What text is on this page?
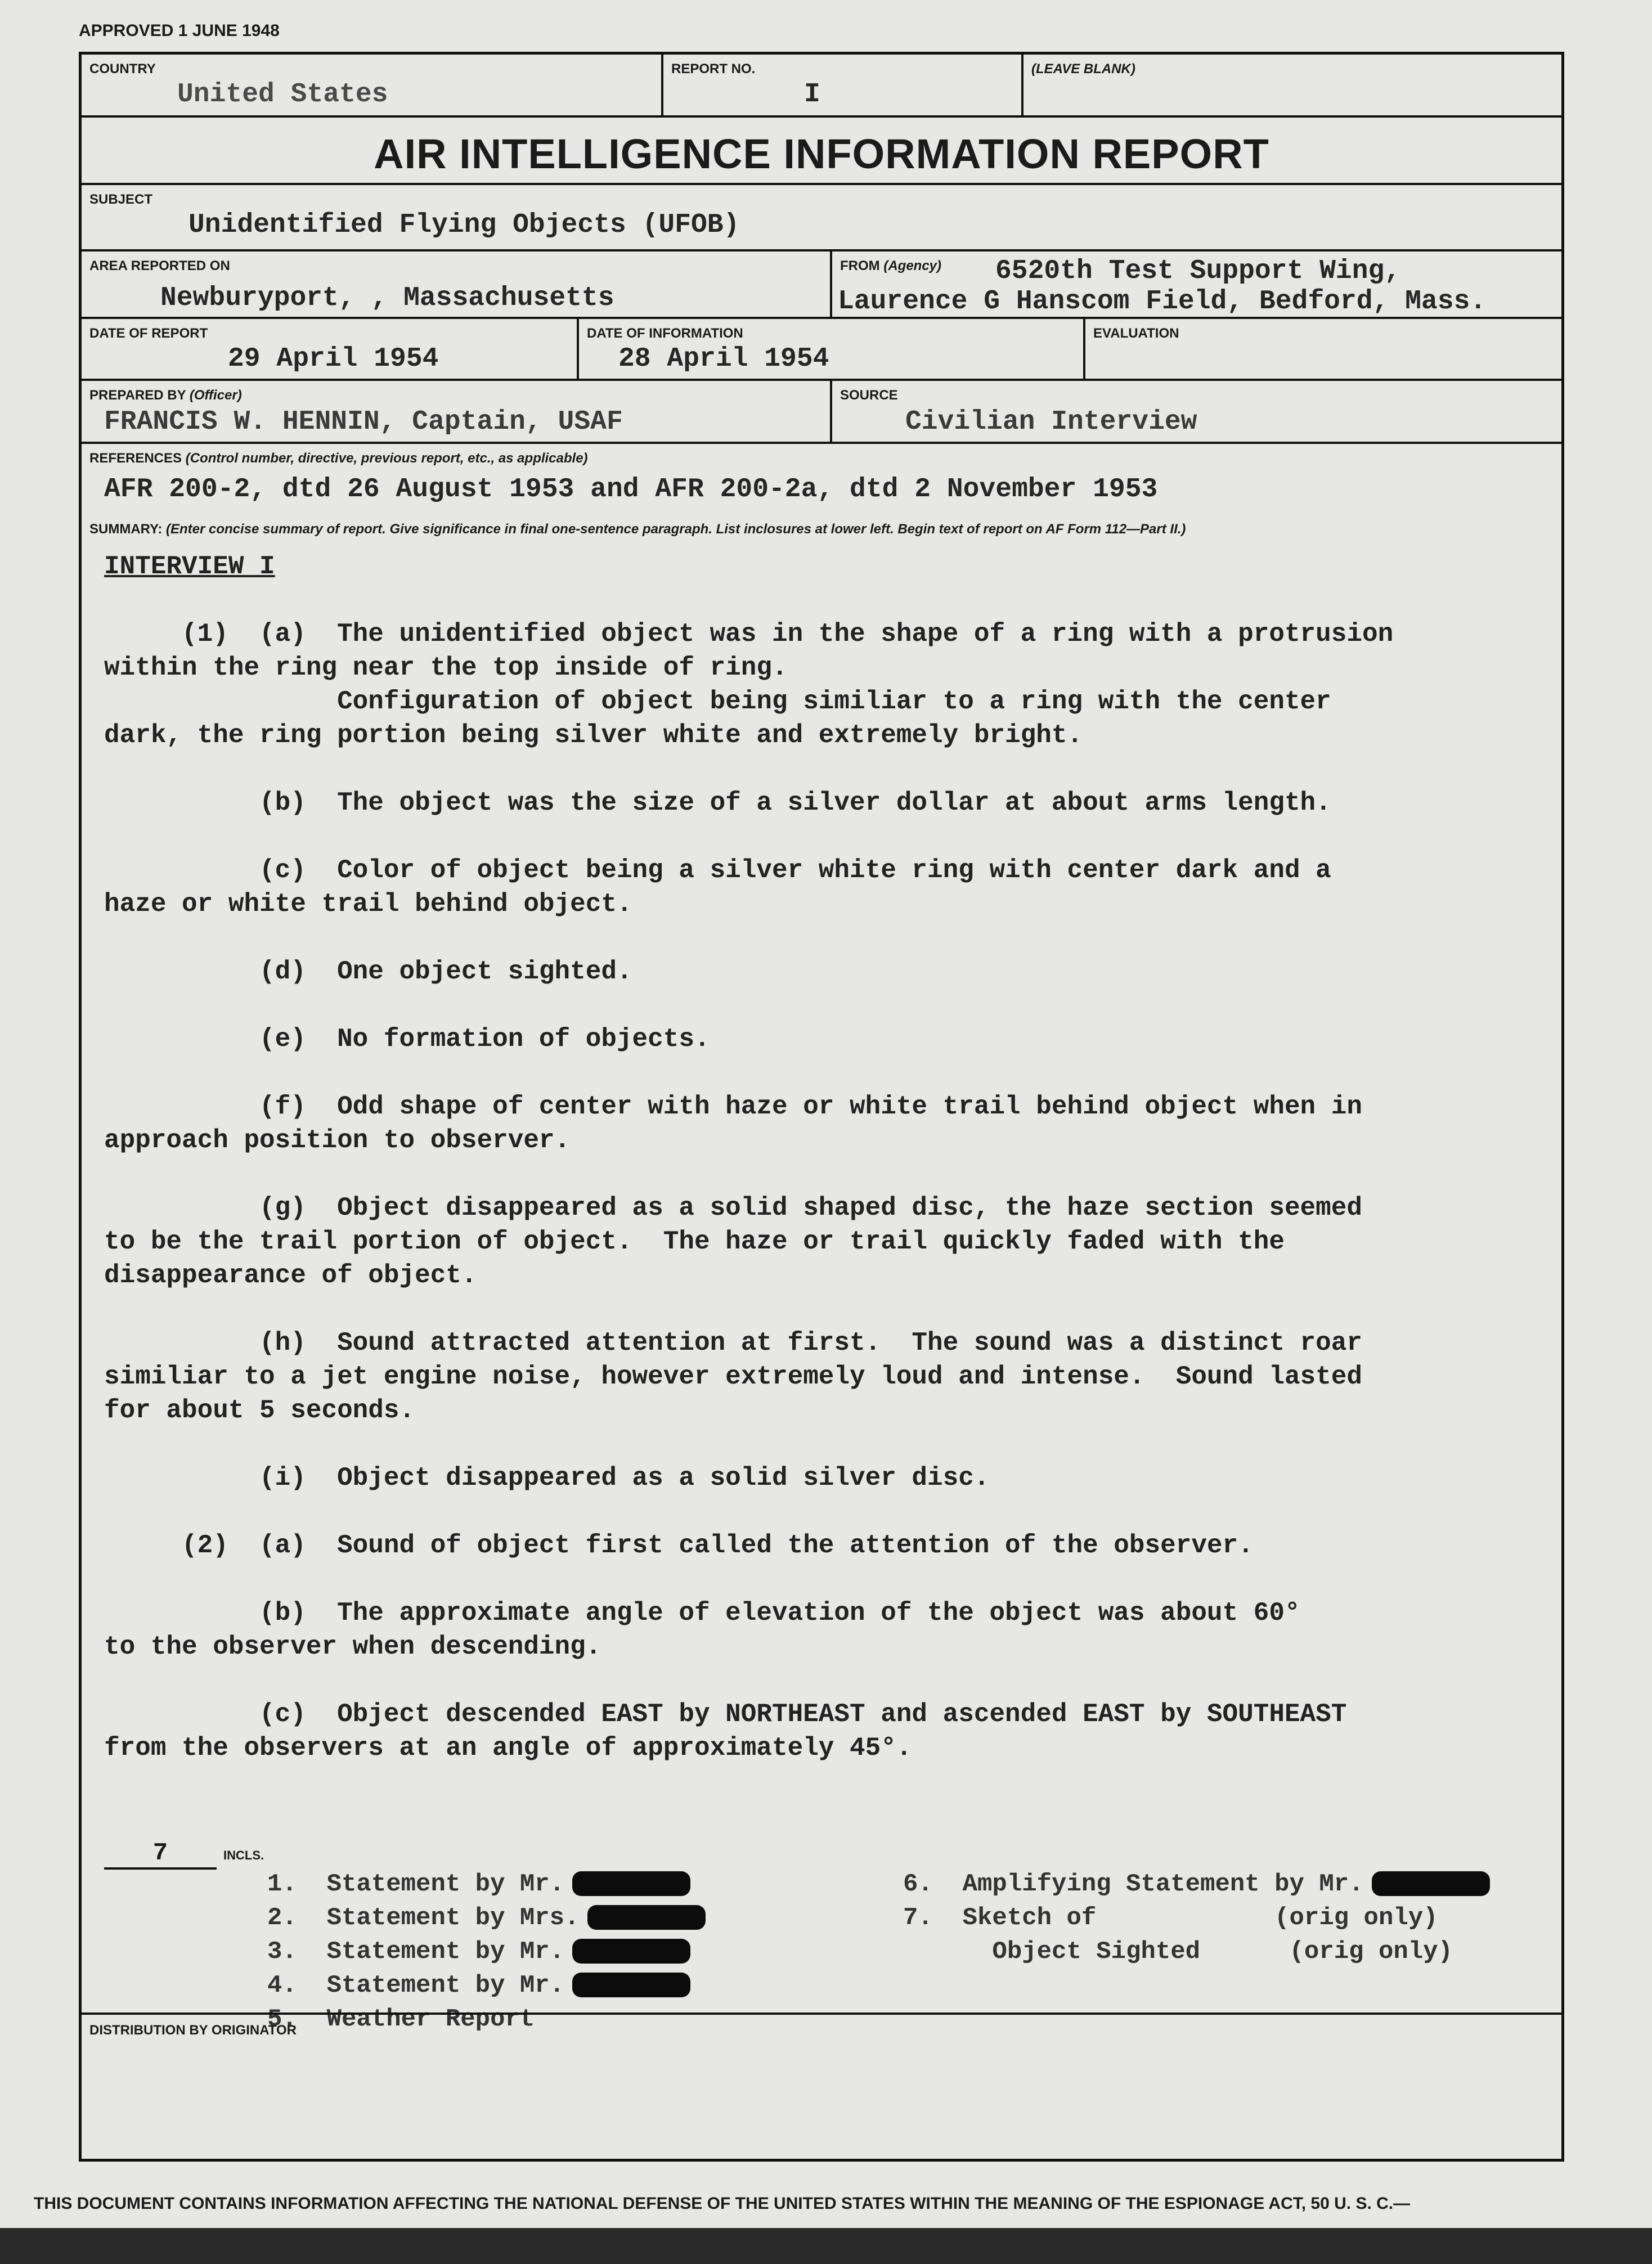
APPROVED 1 JUNE 1948
COUNTRY
United States
REPORT NO.
I
(LEAVE BLANK)
AIR INTELLIGENCE INFORMATION REPORT
SUBJECT
Unidentified Flying Objects (UFOB)
AREA REPORTED ON
Newburyport, , Massachusetts
FROM (Agency) 6520th Test Support Wing,
Laurence G Hanscom Field, Bedford, Mass.
DATE OF REPORT
29 April 1954
DATE OF INFORMATION
28 April 1954
EVALUATION
PREPARED BY (Officer)
FRANCIS W. HENNIN, Captain, USAF
SOURCE
Civilian Interview
REFERENCES (Control number, directive, previous report, etc., as applicable)
AFR 200-2, dtd 26 August 1953 and AFR 200-2a, dtd 2 November 1953
SUMMARY: (Enter concise summary of report. Give significance in final one-sentence paragraph. List inclosures at lower left. Begin text of report on AF Form 112—Part II.)

INTERVIEW I

(1)  (a)  The unidentified object was in the shape of a ring with a protrusion

within the ring near the top inside of ring.

Configuration of object being similiar to a ring with the center

dark, the ring portion being silver white and extremely bright.

(b)  The object was the size of a silver dollar at about arms length.

(c)  Color of object being a silver white ring with center dark and a

haze or white trail behind object.

(d)  One object sighted.

(e)  No formation of objects.

(f)  Odd shape of center with haze or white trail behind object when in

approach position to observer.

(g)  Object disappeared as a solid shaped disc, the haze section seemed

to be the trail portion of object.  The haze or trail quickly faded with the

disappearance of object.

(h)  Sound attracted attention at first.  The sound was a distinct roar

similiar to a jet engine noise, however extremely loud and intense.  Sound lasted

for about 5 seconds.

(i)  Object disappeared as a solid silver disc.

(2)  (a)  Sound of object first called the attention of the observer.

(b)  The approximate angle of elevation of the object was about 60°

to the observer when descending.

(c)  Object descended EAST by NORTHEAST and ascended EAST by SOUTHEAST

from the observers at an angle of approximately 45°.

7	INCLS.
1.  Statement by Mr.
2.  Statement by Mrs.
3.  Statement by Mr.
4.  Statement by Mr.
5.  Weather Report
6.  Amplifying Statement by Mr.
7.  Sketch of            (orig only)
Object Sighted      (orig only)
DISTRIBUTION BY ORIGINATOR
THIS DOCUMENT CONTAINS INFORMATION AFFECTING THE NATIONAL DEFENSE OF THE UNITED STATES WITHIN THE MEANING OF THE ESPIONAGE ACT, 50 U. S. C.—
